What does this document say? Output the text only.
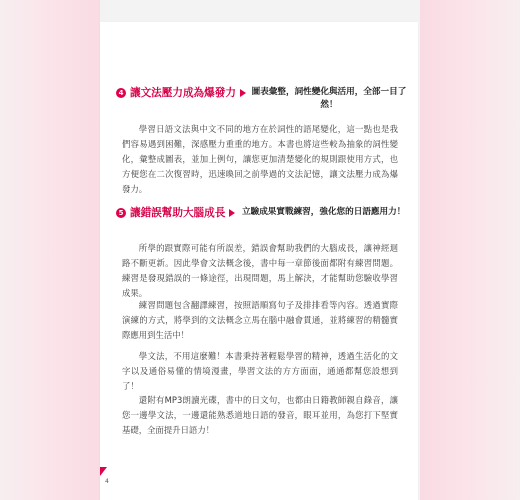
4 讓文法壓力成為爆發力 圖表彙整，詞性變化與活用，全部一目了然！

學習日語文法與中文不同的地方在於詞性的語尾變化，這一點也是我們容易遇到困難，深感壓力重重的地方。本書也將這些較為抽象的詞性變化，彙整成圖表，並加上例句，讓您更加清楚變化的規則跟使用方式，也方便您在二次復習時，迅速喚回之前學過的文法記憶，讓文法壓力成為爆發力。

5 讓錯誤幫助大腦成長	立驗成果實戰練習，強化您的日語應用力！

所學的跟實際可能有所誤差，錯誤會幫助我們的大腦成長，讓神經迴路不斷更新。因此學會文法概念後，書中每一章節後面都附有練習問題。練習是發現錯誤的一條途徑，出現問題，馬上解決，才能幫助您驗收學習成果。

練習問題包含翻譯練習，按照語順寫句子及排排看等內容。透過實際演練的方式，將學到的文法概念立馬在腦中融會貫通，並將練習的精髓實際應用到生活中！

學文法，不用這麼難！本書秉持著輕鬆學習的精神，透過生活化的文字以及通俗易懂的情境漫畫，學習文法的方方面面，通通都幫您設想到了！

還附有MP3朗讀光碟，書中的日文句，也都由日籍教師親自錄音，讓您一邊學文法，一邊還能熟悉道地日語的發音，眼耳並用，為您打下堅實基礎，全面提升日語力！

4
